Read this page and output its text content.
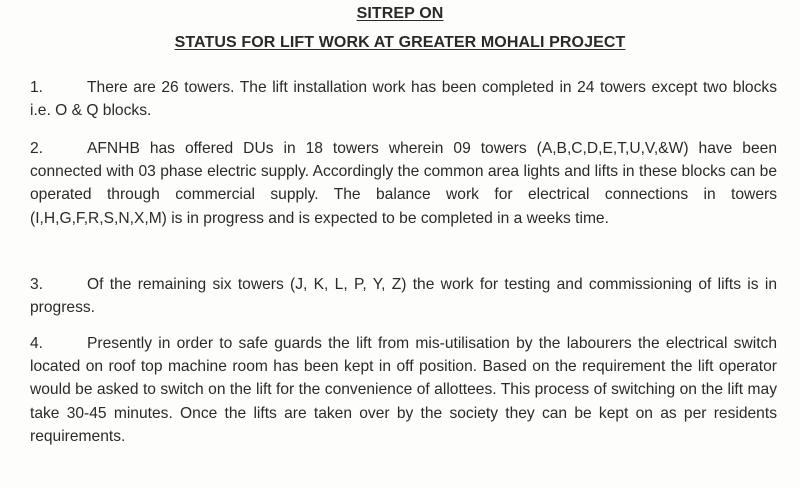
SITREP ON
STATUS FOR LIFT WORK AT GREATER MOHALI PROJECT

1.	There are 26 towers. The lift installation work has been completed in 24 towers except two blocks i.e. O & Q blocks.

2.	AFNHB has offered DUs in 18 towers wherein 09 towers (A,B,C,D,E,T,U,V,&W) have been connected with 03 phase electric supply. Accordingly the common area lights and lifts in these blocks can be operated through commercial supply. The balance work for electrical connections in towers (I,H,G,F,R,S,N,X,M) is in progress and is expected to be completed in a weeks time.

3.	Of the remaining six towers (J, K, L, P, Y, Z) the work for testing and commissioning of lifts is in progress.

4.	Presently in order to safe guards the lift from mis-utilisation by the labourers the electrical switch located on roof top machine room has been kept in off position. Based on the requirement the lift operator would be asked to switch on the lift for the convenience of allottees. This process of switching on the lift may take 30-45 minutes. Once the lifts are taken over by the society they can be kept on as per residents requirements.
